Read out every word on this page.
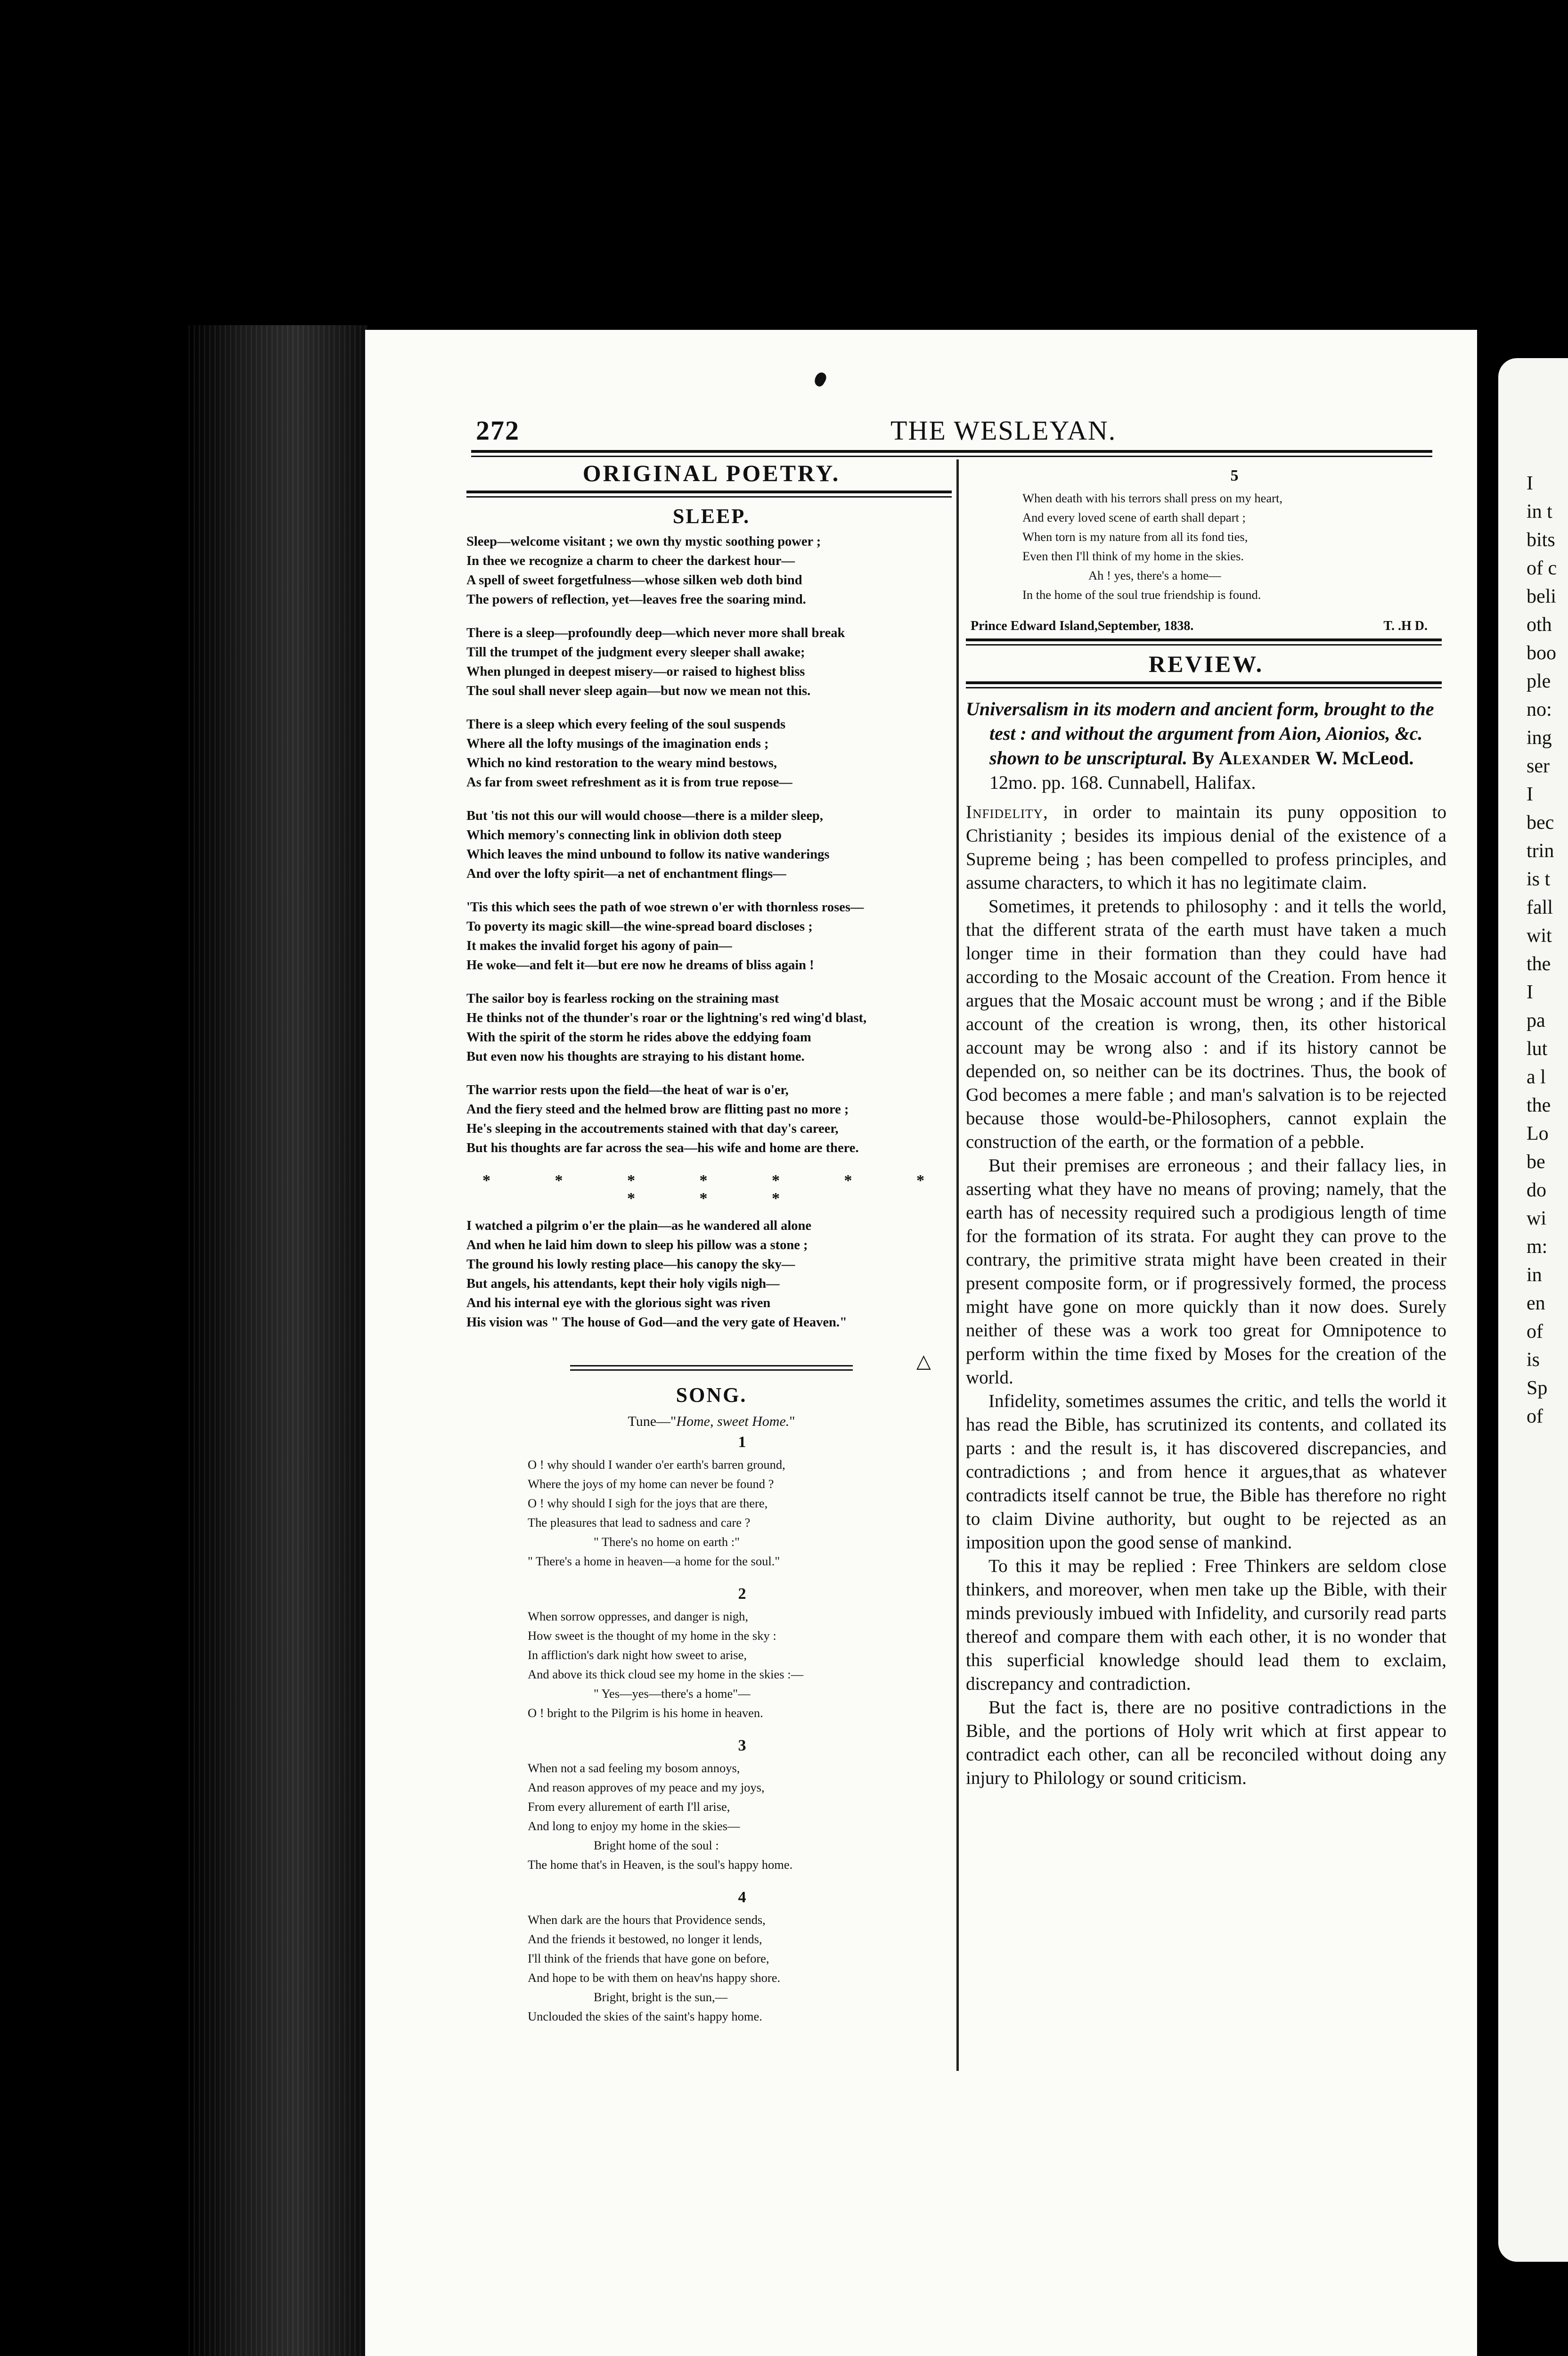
I
in t
bits
of c
beli
oth
boo
ple
no:
ing
ser
I
bec
trin
is t
fall
wit
the
I
pa
lut
a l
the
Lo
be
do
wi
m:
in
en
of
is
Sp
of
272	THE WESLEYAN.
ORIGINAL POETRY.
SLEEP.

Sleep—welcome visitant ; we own thy mystic soothing power ;

In thee we recognize a charm to cheer the darkest hour—

A spell of sweet forgetfulness—whose silken web doth bind

The powers of reflection, yet—leaves free the soaring mind.

There is a sleep—profoundly deep—which never more shall break

Till the trumpet of the judgment every sleeper shall awake;

When plunged in deepest misery—or raised to highest bliss

The soul shall never sleep again—but now we mean not this.

There is a sleep which every feeling of the soul suspends

Where all the lofty musings of the imagination ends ;

Which no kind restoration to the weary mind bestows,

As far from sweet refreshment as it is from true repose—

But 'tis not this our will would choose—there is a milder sleep,

Which memory's connecting link in oblivion doth steep

Which leaves the mind unbound to follow its native wanderings

And over the lofty spirit—a net of enchantment flings—

'Tis this which sees the path of woe strewn o'er with thornless roses—

To poverty its magic skill—the wine-spread board discloses ;

It makes the invalid forget his agony of pain—

He woke—and felt it—but ere now he dreams of bliss again !

The sailor boy is fearless rocking on the straining mast

He thinks not of the thunder's roar or the lightning's red wing'd blast,

With the spirit of the storm he rides above the eddying foam

But even now his thoughts are straying to his distant home.

The warrior rests upon the field—the heat of war is o'er,

And the fiery steed and the helmed brow are flitting past no more ;

He's sleeping in the accoutrements stained with that day's career,

But his thoughts are far across the sea—his wife and home are there.

* * * * * * * * * *

I watched a pilgrim o'er the plain—as he wandered all alone

And when he laid him down to sleep his pillow was a stone ;

The ground his lowly resting place—his canopy the sky—

But angels, his attendants, kept their holy vigils nigh—

And his internal eye with the glorious sight was riven

His vision was " The house of God—and the very gate of Heaven."

SONG.
Tune—"Home, sweet Home."
1

O ! why should I wander o'er earth's barren ground,

Where the joys of my home can never be found ?

O ! why should I sigh for the joys that are there,

The pleasures that lead to sadness and care ?

" There's no home on earth :"

" There's a home in heaven—a home for the soul."

2

When sorrow oppresses, and danger is nigh,

How sweet is the thought of my home in the sky :

In affliction's dark night how sweet to arise,

And above its thick cloud see my home in the skies :—

" Yes—yes—there's a home"—

O ! bright to the Pilgrim is his home in heaven.

3

When not a sad feeling my bosom annoys,

And reason approves of my peace and my joys,

From every allurement of earth I'll arise,

And long to enjoy my home in the skies—

Bright home of the soul :

The home that's in Heaven, is the soul's happy home.

4

When dark are the hours that Providence sends,

And the friends it bestowed, no longer it lends,

I'll think of the friends that have gone on before,

And hope to be with them on heav'ns happy shore.

Bright, bright is the sun,—

Unclouded the skies of the saint's happy home.

△
5

When death with his terrors shall press on my heart,

And every loved scene of earth shall depart ;

When torn is my nature from all its fond ties,

Even then I'll think of my home in the skies.

Ah ! yes, there's a home—

In the home of the soul true friendship is found.

Prince Edward Island,September, 1838.	T. .H D.
REVIEW.

Universalism in its modern and ancient form, brought to the test : and without the argument from Aion, Aionios, &c. shown to be unscriptural. By Alexander W. McLeod. 12mo. pp. 168. Cunnabell, Halifax.

Infidelity, in order to maintain its puny opposition to Christianity ; besides its impious denial of the existence of a Supreme being ; has been compelled to profess principles, and assume characters, to which it has no legitimate claim.

Sometimes, it pretends to philosophy : and it tells the world, that the different strata of the earth must have taken a much longer time in their formation than they could have had according to the Mosaic account of the Creation. From hence it argues that the Mosaic account must be wrong ; and if the Bible account of the creation is wrong, then, its other historical account may be wrong also : and if its history cannot be depended on, so neither can be its doctrines. Thus, the book of God becomes a mere fable ; and man's salvation is to be rejected because those would-be-Philosophers, cannot explain the construction of the earth, or the formation of a pebble.

But their premises are erroneous ; and their fallacy lies, in asserting what they have no means of proving; namely, that the earth has of necessity required such a prodigious length of time for the formation of its strata. For aught they can prove to the contrary, the primitive strata might have been created in their present composite form, or if progressively formed, the process might have gone on more quickly than it now does. Surely neither of these was a work too great for Omnipotence to perform within the time fixed by Moses for the creation of the world.

Infidelity, sometimes assumes the critic, and tells the world it has read the Bible, has scrutinized its contents, and collated its parts : and the result is, it has discovered discrepancies, and contradictions ; and from hence it argues,that as whatever contradicts itself cannot be true, the Bible has therefore no right to claim Divine authority, but ought to be rejected as an imposition upon the good sense of mankind.

To this it may be replied : Free Thinkers are seldom close thinkers, and moreover, when men take up the Bible, with their minds previously imbued with Infidelity, and cursorily read parts thereof and compare them with each other, it is no wonder that this superficial knowledge should lead them to exclaim, discrepancy and contradiction.

But the fact is, there are no positive contradictions in the Bible, and the portions of Holy writ which at first appear to contradict each other, can all be reconciled without doing any injury to Philology or sound criticism.
